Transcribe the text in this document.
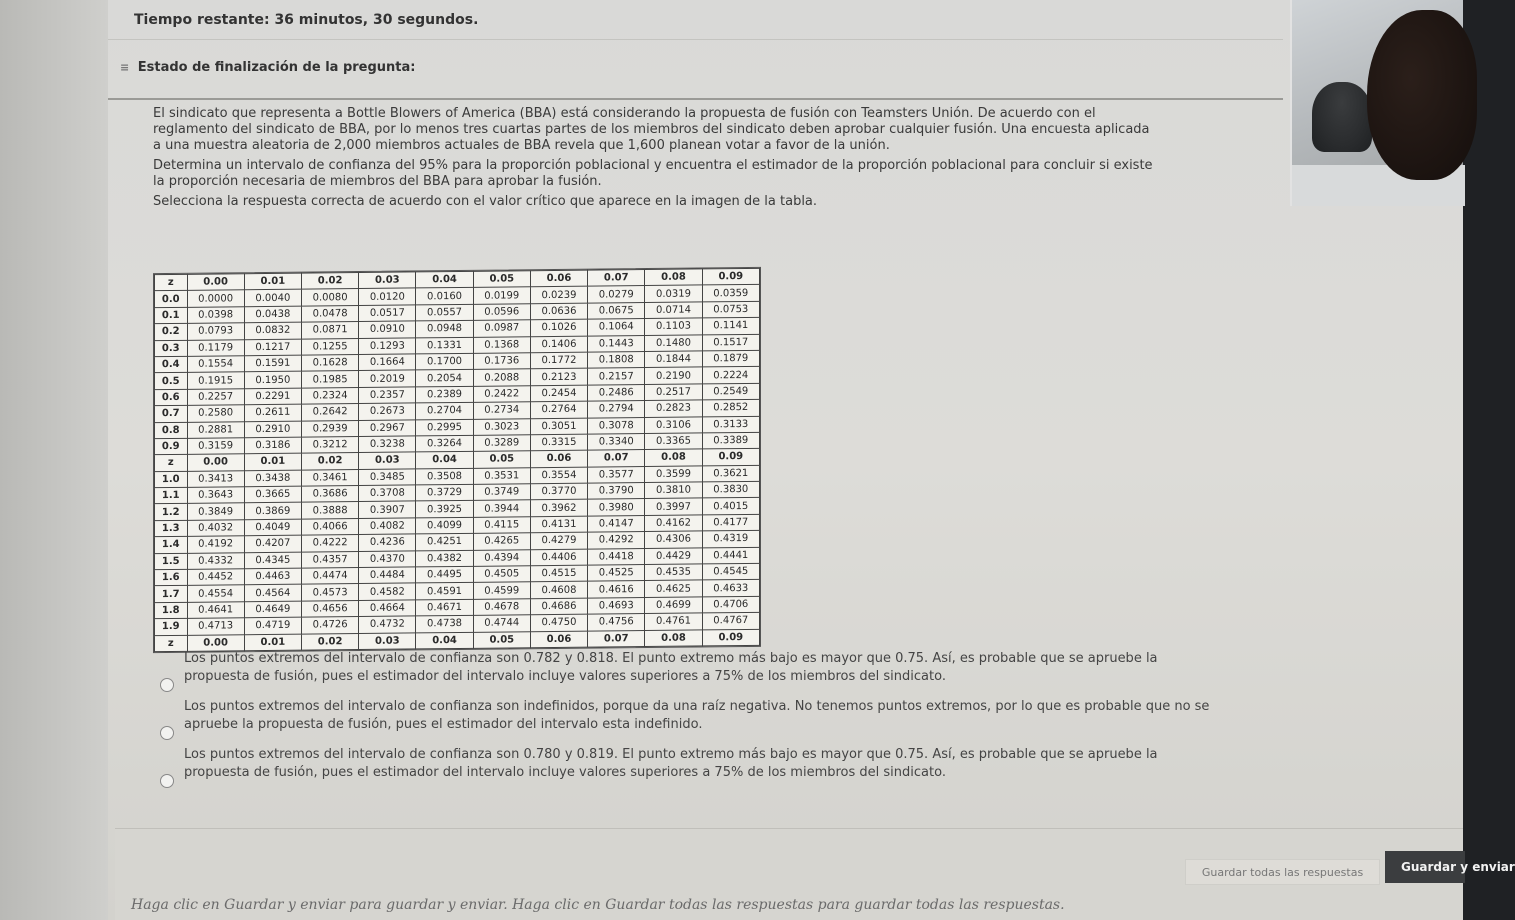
Tiempo restante: 36 minutos, 30 segundos.
≡ Estado de finalización de la pregunta:

El sindicato que representa a Bottle Blowers of America (BBA) está considerando la propuesta de fusión con Teamsters Unión. De acuerdo con el reglamento del sindicato de BBA, por lo menos tres cuartas partes de los miembros del sindicato deben aprobar cualquier fusión. Una encuesta aplicada a una muestra aleatoria de 2,000 miembros actuales de BBA revela que 1,600 planean votar a favor de la unión.

Determina un intervalo de confianza del 95% para la proporción poblacional y encuentra el estimador de la proporción poblacional para concluir si existe la proporción necesaria de miembros del BBA para aprobar la fusión.

Selecciona la respuesta correcta de acuerdo con el valor crítico que aparece en la imagen de la tabla.

z	0.00	0.01	0.02	0.03	0.04	0.05	0.06	0.07	0.08	0.09
0.0	0.0000	0.0040	0.0080	0.0120	0.0160	0.0199	0.0239	0.0279	0.0319	0.0359
0.1	0.0398	0.0438	0.0478	0.0517	0.0557	0.0596	0.0636	0.0675	0.0714	0.0753
0.2	0.0793	0.0832	0.0871	0.0910	0.0948	0.0987	0.1026	0.1064	0.1103	0.1141
0.3	0.1179	0.1217	0.1255	0.1293	0.1331	0.1368	0.1406	0.1443	0.1480	0.1517
0.4	0.1554	0.1591	0.1628	0.1664	0.1700	0.1736	0.1772	0.1808	0.1844	0.1879
0.5	0.1915	0.1950	0.1985	0.2019	0.2054	0.2088	0.2123	0.2157	0.2190	0.2224
0.6	0.2257	0.2291	0.2324	0.2357	0.2389	0.2422	0.2454	0.2486	0.2517	0.2549
0.7	0.2580	0.2611	0.2642	0.2673	0.2704	0.2734	0.2764	0.2794	0.2823	0.2852
0.8	0.2881	0.2910	0.2939	0.2967	0.2995	0.3023	0.3051	0.3078	0.3106	0.3133
0.9	0.3159	0.3186	0.3212	0.3238	0.3264	0.3289	0.3315	0.3340	0.3365	0.3389
z	0.00	0.01	0.02	0.03	0.04	0.05	0.06	0.07	0.08	0.09
1.0	0.3413	0.3438	0.3461	0.3485	0.3508	0.3531	0.3554	0.3577	0.3599	0.3621
1.1	0.3643	0.3665	0.3686	0.3708	0.3729	0.3749	0.3770	0.3790	0.3810	0.3830
1.2	0.3849	0.3869	0.3888	0.3907	0.3925	0.3944	0.3962	0.3980	0.3997	0.4015
1.3	0.4032	0.4049	0.4066	0.4082	0.4099	0.4115	0.4131	0.4147	0.4162	0.4177
1.4	0.4192	0.4207	0.4222	0.4236	0.4251	0.4265	0.4279	0.4292	0.4306	0.4319
1.5	0.4332	0.4345	0.4357	0.4370	0.4382	0.4394	0.4406	0.4418	0.4429	0.4441
1.6	0.4452	0.4463	0.4474	0.4484	0.4495	0.4505	0.4515	0.4525	0.4535	0.4545
1.7	0.4554	0.4564	0.4573	0.4582	0.4591	0.4599	0.4608	0.4616	0.4625	0.4633
1.8	0.4641	0.4649	0.4656	0.4664	0.4671	0.4678	0.4686	0.4693	0.4699	0.4706
1.9	0.4713	0.4719	0.4726	0.4732	0.4738	0.4744	0.4750	0.4756	0.4761	0.4767
z	0.00	0.01	0.02	0.03	0.04	0.05	0.06	0.07	0.08	0.09
Los puntos extremos del intervalo de confianza son 0.782 y 0.818. El punto extremo más bajo es mayor que 0.75. Así, es probable que se apruebe la propuesta de fusión, pues el estimador del intervalo incluye valores superiores a 75% de los miembros del sindicato.
Los puntos extremos del intervalo de confianza son indefinidos, porque da una raíz negativa. No tenemos puntos extremos, por lo que es probable que no se apruebe la propuesta de fusión, pues el estimador del intervalo esta indefinido.
Los puntos extremos del intervalo de confianza son 0.780 y 0.819. El punto extremo más bajo es mayor que 0.75. Así, es probable que se apruebe la propuesta de fusión, pues el estimador del intervalo incluye valores superiores a 75% de los miembros del sindicato.
Haga clic en Guardar y enviar para guardar y enviar. Haga clic en Guardar todas las respuestas para guardar todas las respuestas.
Guardar todas las respuestas	Guardar y enviar
